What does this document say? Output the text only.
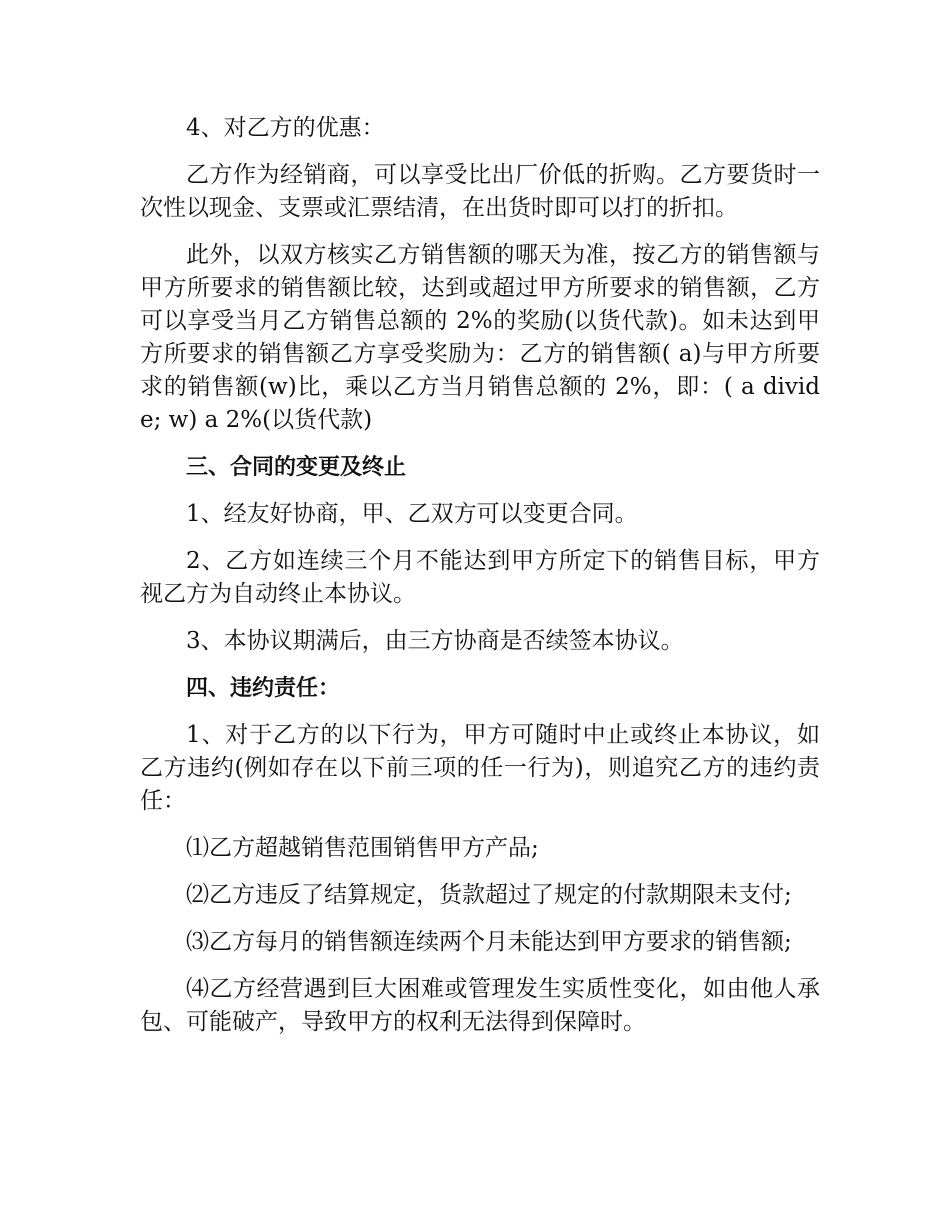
4、对乙方的优惠：

乙方作为经销商，可以享受比出厂价低的折购。乙方要货时一次性以现金、支票或汇票结清，在出货时即可以打的折扣。

此外，以双方核实乙方销售额的哪天为准，按乙方的销售额与甲方所要求的销售额比较，达到或超过甲方所要求的销售额，乙方可以享受当月乙方销售总额的 2%的奖励(以货代款)。如未达到甲方所要求的销售额乙方享受奖励为：乙方的销售额( a)与甲方所要求的销售额(w)比，乘以乙方当月销售总额的 2%，即：( a divide; w) a 2%(以货代款)

三、合同的变更及终止

1、经友好协商，甲、乙双方可以变更合同。

2、乙方如连续三个月不能达到甲方所定下的销售目标，甲方视乙方为自动终止本协议。

3、本协议期满后，由三方协商是否续签本协议。

四、违约责任：

1、对于乙方的以下行为，甲方可随时中止或终止本协议，如乙方违约(例如存在以下前三项的任一行为)，则追究乙方的违约责任：

⑴乙方超越销售范围销售甲方产品;

⑵乙方违反了结算规定，货款超过了规定的付款期限未支付;

⑶乙方每月的销售额连续两个月未能达到甲方要求的销售额;

⑷乙方经营遇到巨大困难或管理发生实质性变化，如由他人承包、可能破产，导致甲方的权利无法得到保障时。
